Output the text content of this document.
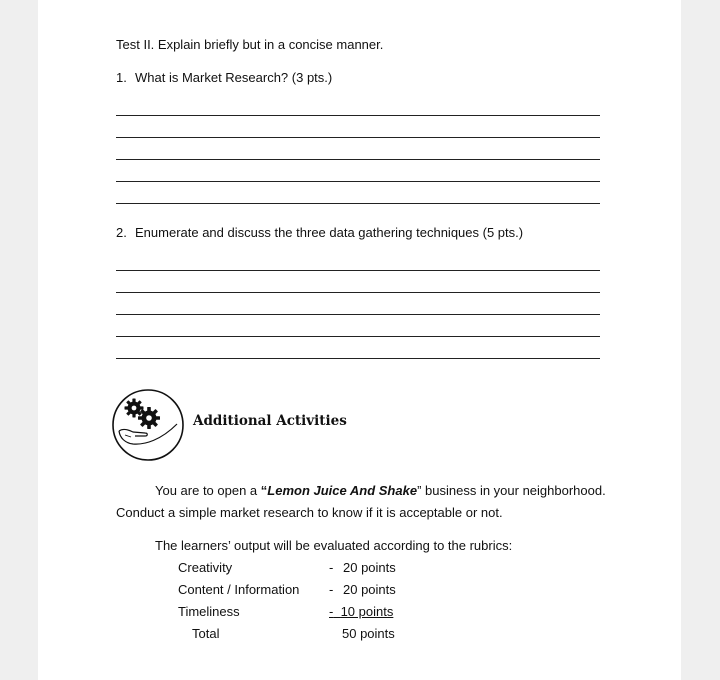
Test II. Explain briefly but in a concise manner.
1. What is Market Research? (3 pts.)
2. Enumerate and discuss the three data gathering techniques (5 pts.)
Additional Activities
You are to open a “Lemon Juice And Shake” business in your neighborhood.
Conduct a simple market research to know if it is acceptable or not.
The learners’ output will be evaluated according to the rubrics:
Creativity	- 20 points
Content / Information - 20 points
- 10 points
Timeliness
Total	50 points
